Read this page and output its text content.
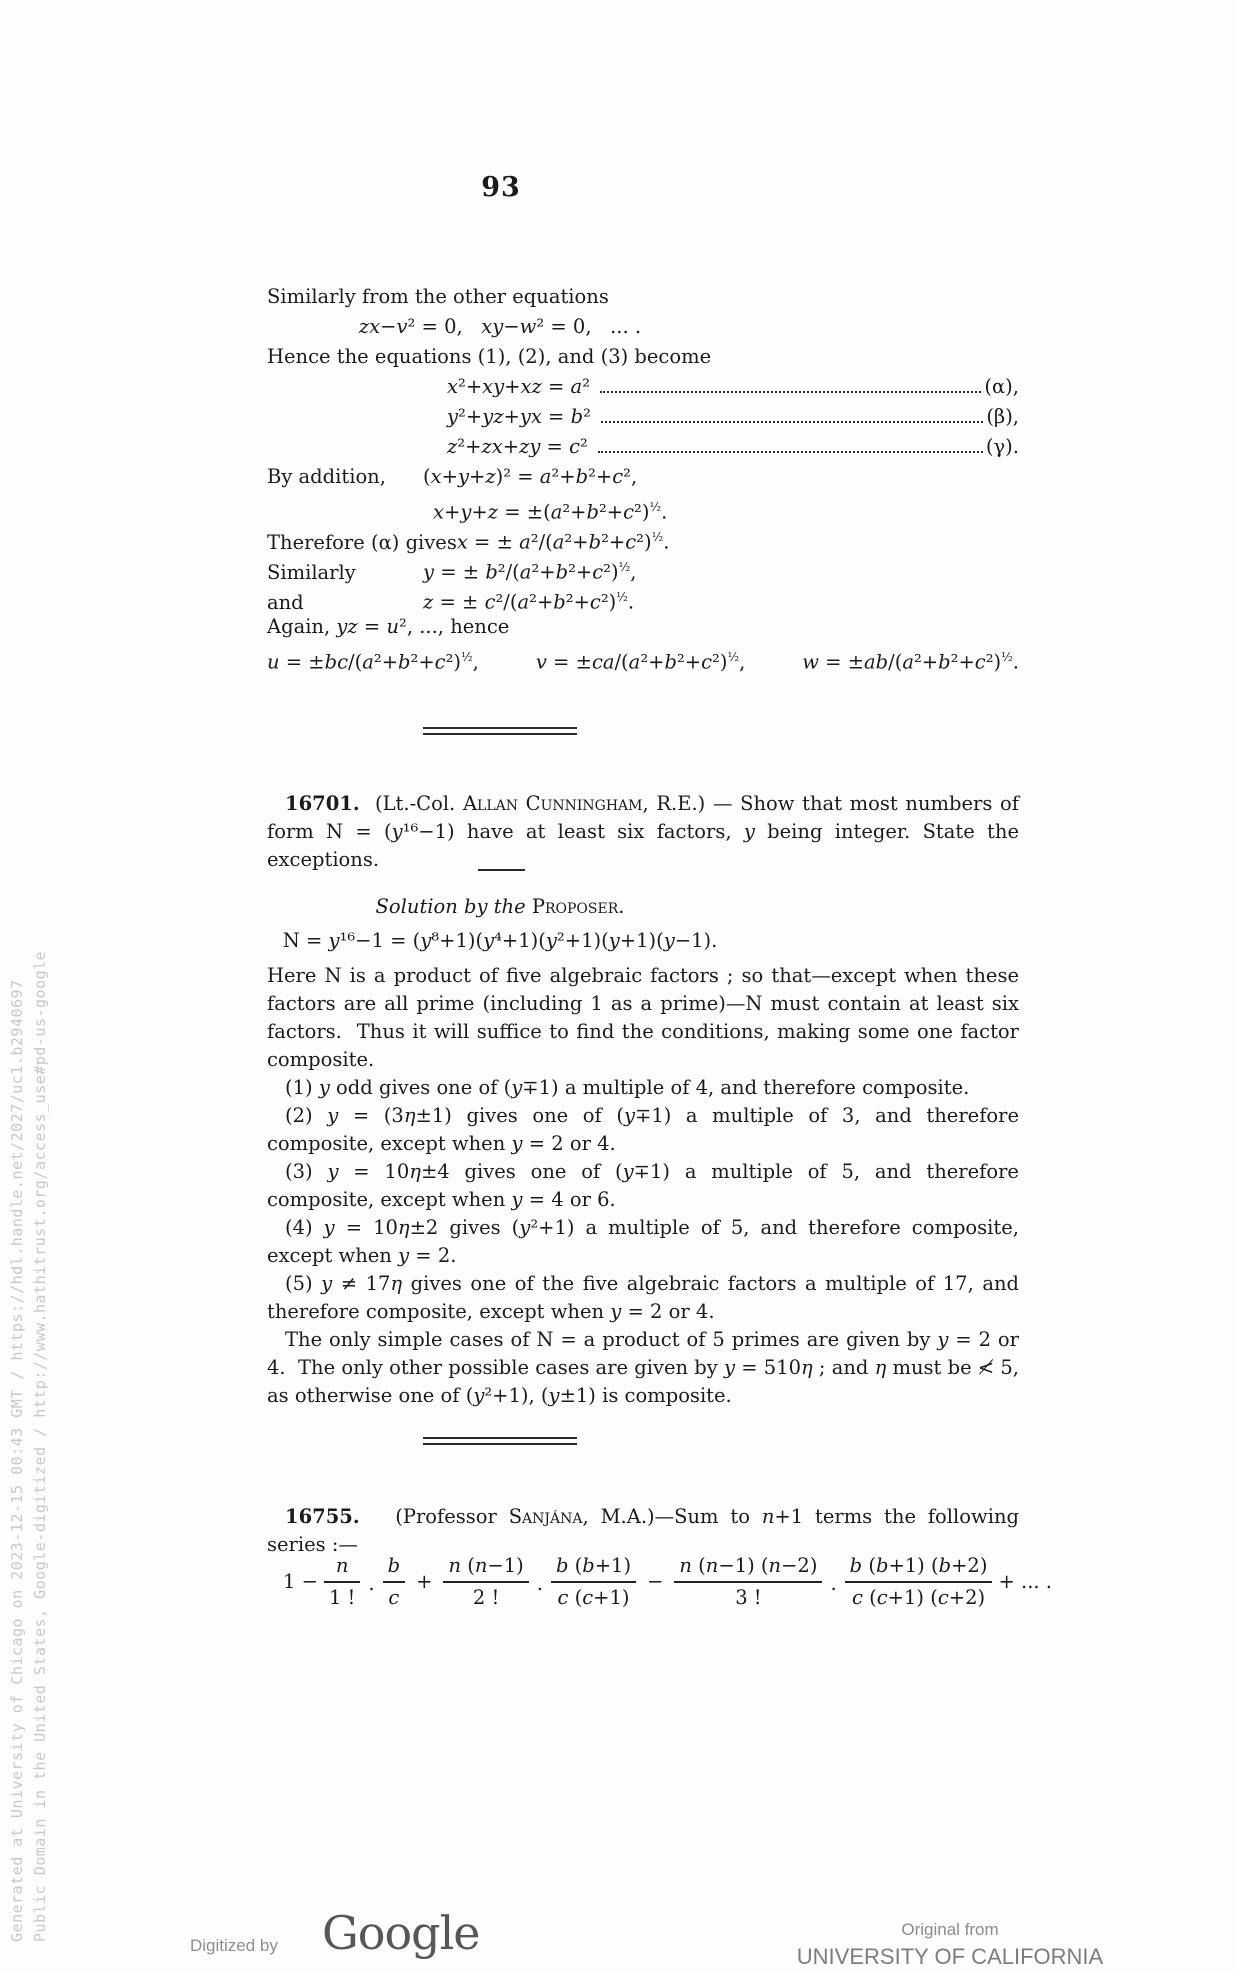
93
Similarly from the other equations
zx−v² = 0,   xy−w² = 0,   ... .
Hence the equations (1), (2), and (3) become
x²+xy+xz = a²	(α),
y²+yz+yx = b²	(β),
z²+zx+zy = c²	(γ).
By addition,	(x+y+z)² = a²+b²+c²,
$x+y+z = \pm(a^2+b^2+c^2)^{\frac{1}{2}}$.
Therefore (α) gives x = ± $a^2/(a^2+b^2+c^2)^{\frac{1}{2}}$.
Similarly	y = ± $b^2/(a^2+b^2+c^2)^{\frac{1}{2}}$,
and	z = ± $c^2/(a^2+b^2+c^2)^{\frac{1}{2}}$.
Again, yz = u², ..., hence
$u = \pm bc/(a^2+b^2+c^2)^{\frac{1}{2}}$,	$v = \pm ca/(a^2+b^2+c^2)^{\frac{1}{2}}$,	$w = \pm ab/(a^2+b^2+c^2)^{\frac{1}{2}}$.

16701.  (Lt.-Col. Allan Cunningham, R.E.) — Show that most numbers of form N = (y¹⁶−1) have at least six factors, y being integer. State the exceptions.

Solution by the Proposer.
N = y¹⁶−1 = (y⁸+1)(y⁴+1)(y²+1)(y+1)(y−1).

Here N is a product of five algebraic factors ; so that—except when these factors are all prime (including 1 as a prime)—N must contain at least six factors.  Thus it will suffice to find the conditions, making some one factor composite.

(1) y odd gives one of (y∓1) a multiple of 4, and therefore composite.

(2) y = (3η±1) gives one of (y∓1) a multiple of 3, and therefore composite, except when y = 2 or 4.

(3) y = 10η±4 gives one of (y∓1) a multiple of 5, and therefore composite, except when y = 4 or 6.

(4) y = 10η±2 gives (y²+1) a multiple of 5, and therefore composite, except when y = 2.

(5) y ≠ 17η gives one of the five algebraic factors a multiple of 17, and therefore composite, except when y = 2 or 4.

The only simple cases of N = a product of 5 primes are given by y = 2 or 4.  The only other possible cases are given by y = 510η ; and η must be ≮ 5, as otherwise one of (y²+1), (y±1) is composite.

16755.   (Professor Sanjána, M.A.)—Sum to n+1 terms the following series :—

$1 - \frac{n}{1 !}$ . $\frac{b}{c} + \frac{n (n-1)}{2 !}$ . $\frac{b (b+1)}{c (c+1)} - \frac{n (n-1) (n-2)}{3 !}$ . $\frac{b (b+1) (b+2)}{c (c+1) (c+2)}$ + ... .
Generated at University of Chicago on 2023-12-15 00:43 GMT / https://hdl.handle.net/2027/uc1.b2940697 Public Domain in the United States, Google-digitized / http://www.hathitrust.org/access_use#pd-us-google
Digitized by Google	Original from
UNIVERSITY OF CALIFORNIA
